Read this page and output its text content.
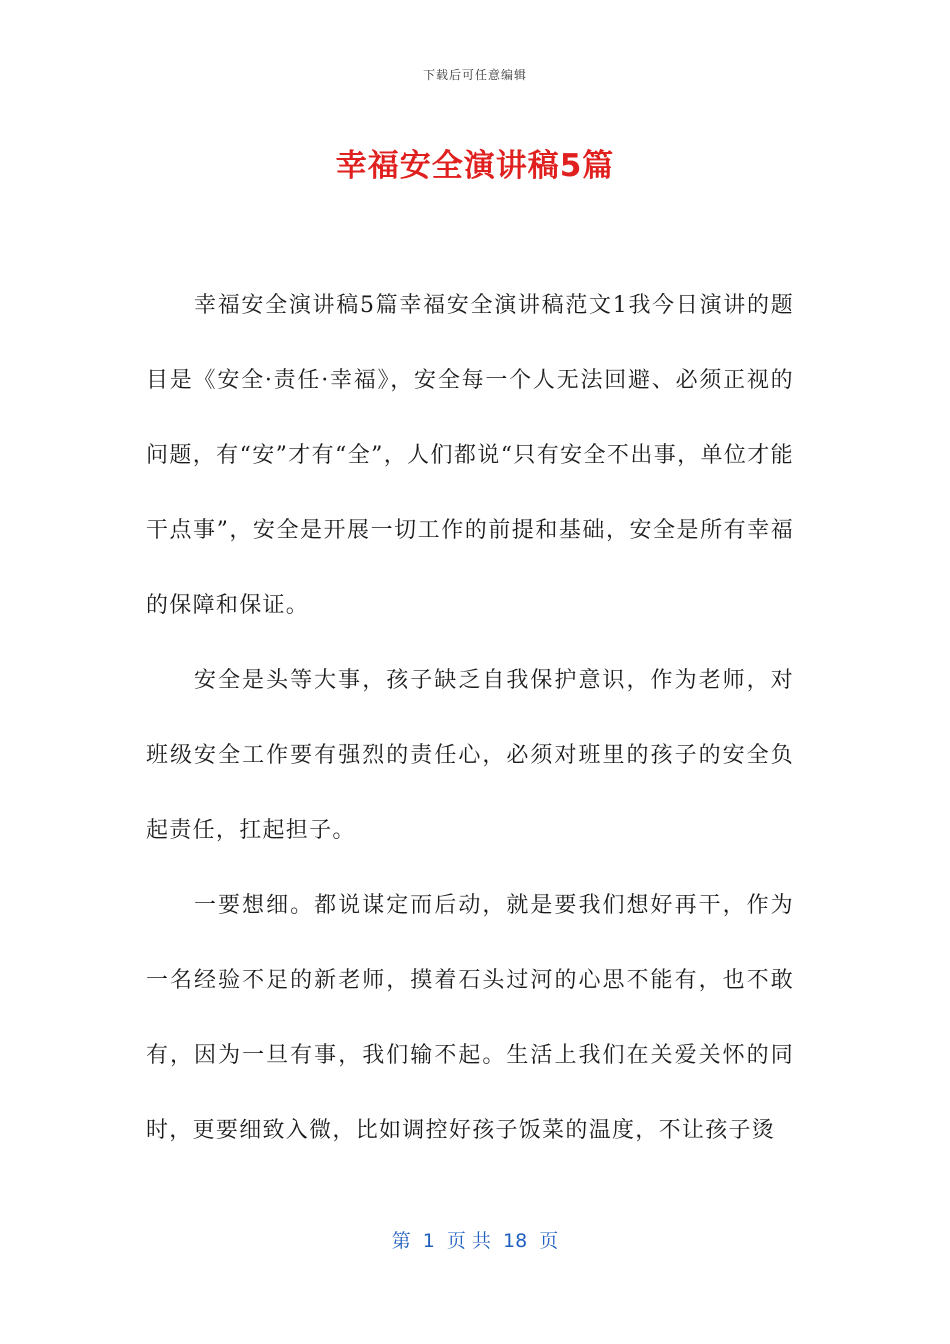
下载后可任意编辑
幸福安全演讲稿5篇

幸福安全演讲稿5篇幸福安全演讲稿范文1我今日演讲的题目是《安全·责任·幸福》，安全每一个人无法回避、必须正视的问题，有“安”才有“全”，人们都说“只有安全不出事，单位才能干点事”，安全是开展一切工作的前提和基础，安全是所有幸福的保障和保证。

安全是头等大事，孩子缺乏自我保护意识，作为老师，对班级安全工作要有强烈的责任心，必须对班里的孩子的安全负起责任，扛起担子。

一要想细。都说谋定而后动，就是要我们想好再干，作为一名经验不足的新老师，摸着石头过河的心思不能有，也不敢有，因为一旦有事，我们输不起。生活上我们在关爱关怀的同时，更要细致入微，比如调控好孩子饭菜的温度，不让孩子烫

第  1  页 共  18  页
